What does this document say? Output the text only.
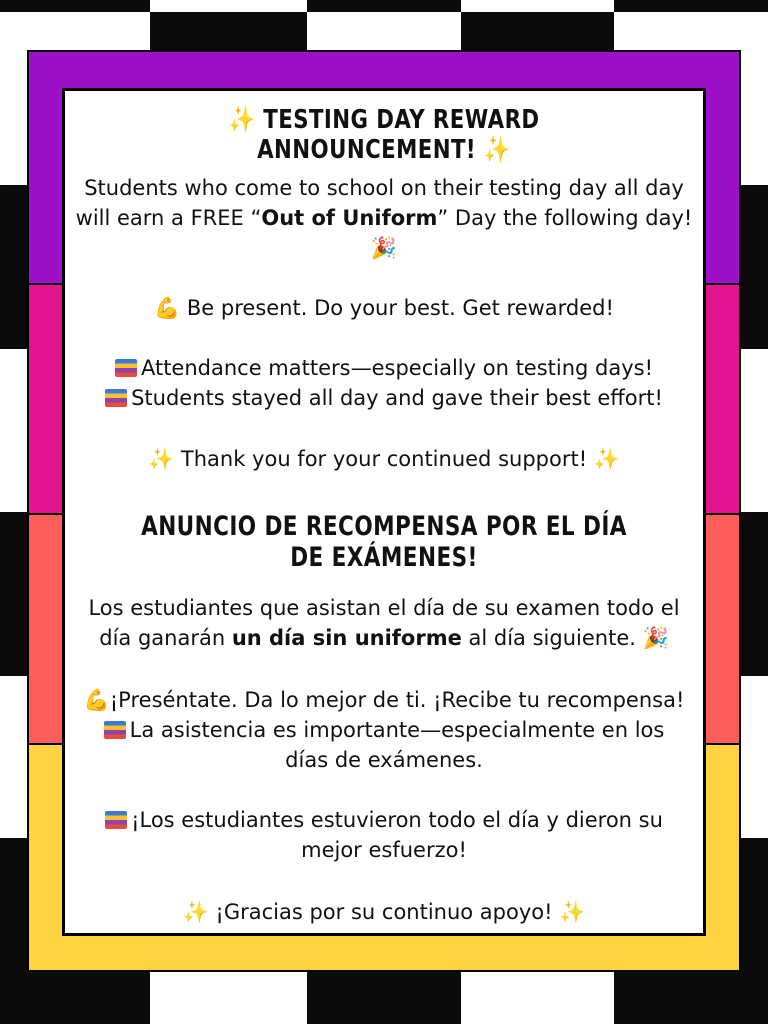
✨ TESTING DAY REWARD ANNOUNCEMENT! ✨
Students who come to school on their testing day all day will earn a FREE “Out of Uniform” Day the following day!
🎉
💪 Be present. Do your best. Get rewarded!
Attendance matters—especially on testing days!
Students stayed all day and gave their best effort!
✨ Thank you for your continued support! ✨
ANUNCIO DE RECOMPENSA POR EL DÍA DE EXÁMENES!
Los estudiantes que asistan el día de su examen todo el día ganarán un día sin uniforme al día siguiente. 🎉
💪¡Preséntate. Da lo mejor de ti. ¡Recibe tu recompensa!
La asistencia es importante—especialmente en los días de exámenes.
¡Los estudiantes estuvieron todo el día y dieron su mejor esfuerzo!
✨ ¡Gracias por su continuo apoyo! ✨
